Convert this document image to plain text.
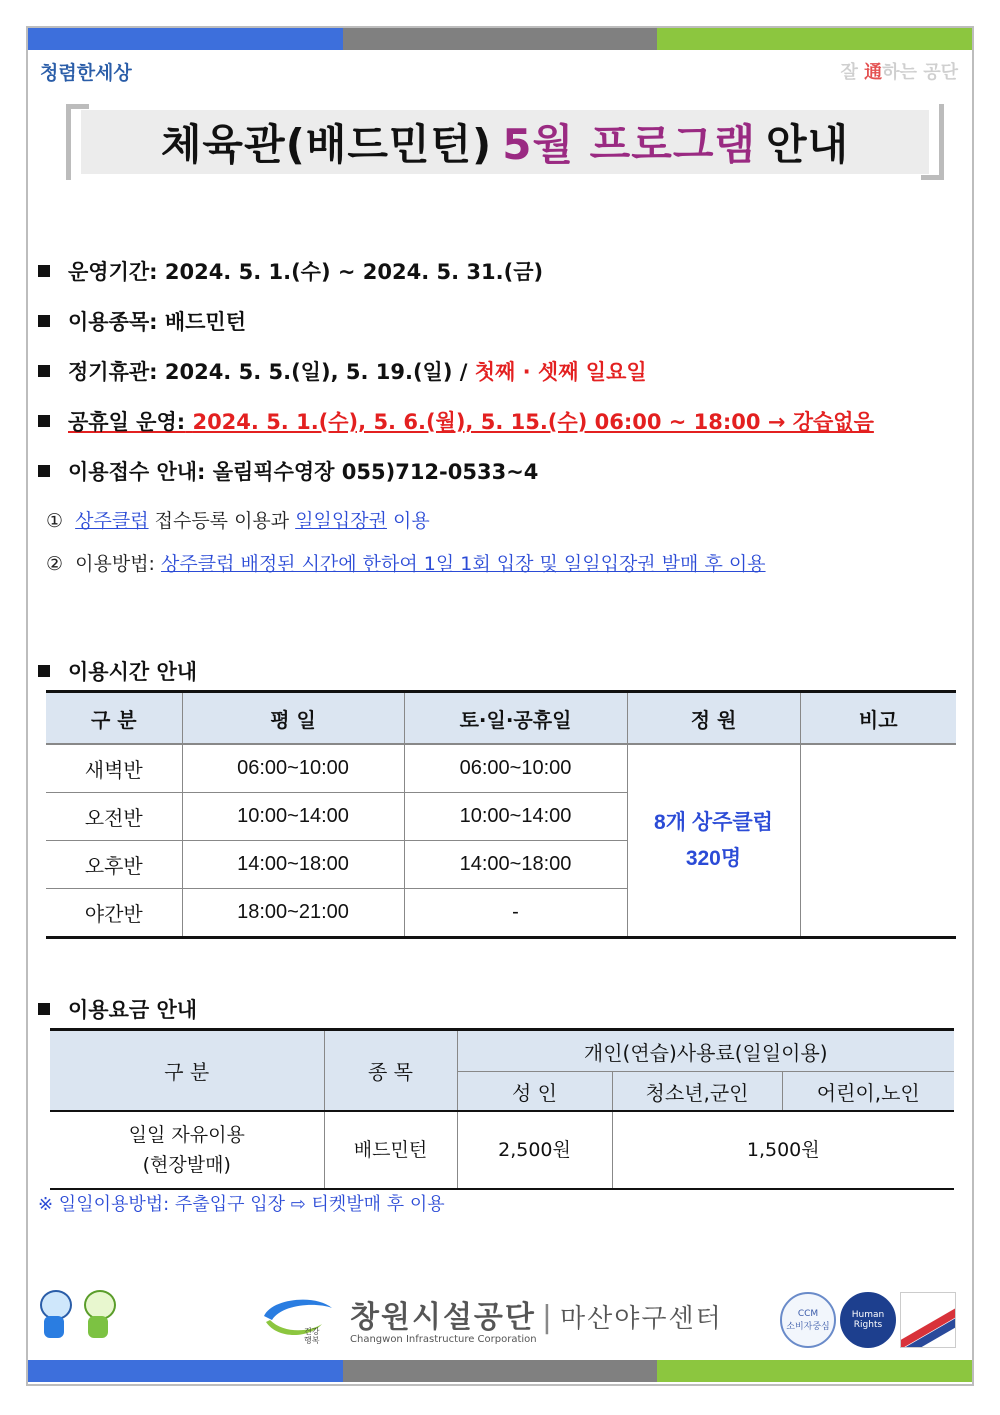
청렴한세상	잘 通하는 공단
체육관(배드민턴) 5월 프로그램 안내
운영기간: 2024. 5. 1.(수) ~ 2024. 5. 31.(금)
이용종목: 배드민턴
정기휴관: 2024. 5. 5.(일), 5. 19.(일) / 첫째 · 셋째 일요일
공휴일 운영: 2024. 5. 1.(수), 5. 6.(월), 5. 15.(수) 06:00 ~ 18:00 → 강습없음
이용접수 안내: 올림픽수영장 055)712-0533~4
① 상주클럽 접수등록 이용과 일일입장권 이용
② 이용방법: 상주클럽 배정된 시간에 한하여 1일 1회 입장 및 일일입장권 발매 후 이용
이용시간 안내
구 분	평 일	토·일·공휴일	정 원	비고
새벽반	06:00~10:00	06:00~10:00	8개 상주클럽
320명	
오전반	10:00~14:00	10:00~14:00		
오후반	14:00~18:00	14:00~18:00		
야간반	18:00~21:00	-		
이용요금 안내
구 분	종 목	개인(연습)사용료(일일이용)		
		성 인	청소년,군인	어린이,노인
일일 자유이용
(현장발매)	배드민턴	2,500원	1,500원	
※ 일일이용방법: 주출입구 입장 ⇨ 티켓발매 후 이용
건강
행복
창원시설공단 | 마산야구센터
Changwon Infrastructure Corporation
CCM
소비자중심
Human
Rights
